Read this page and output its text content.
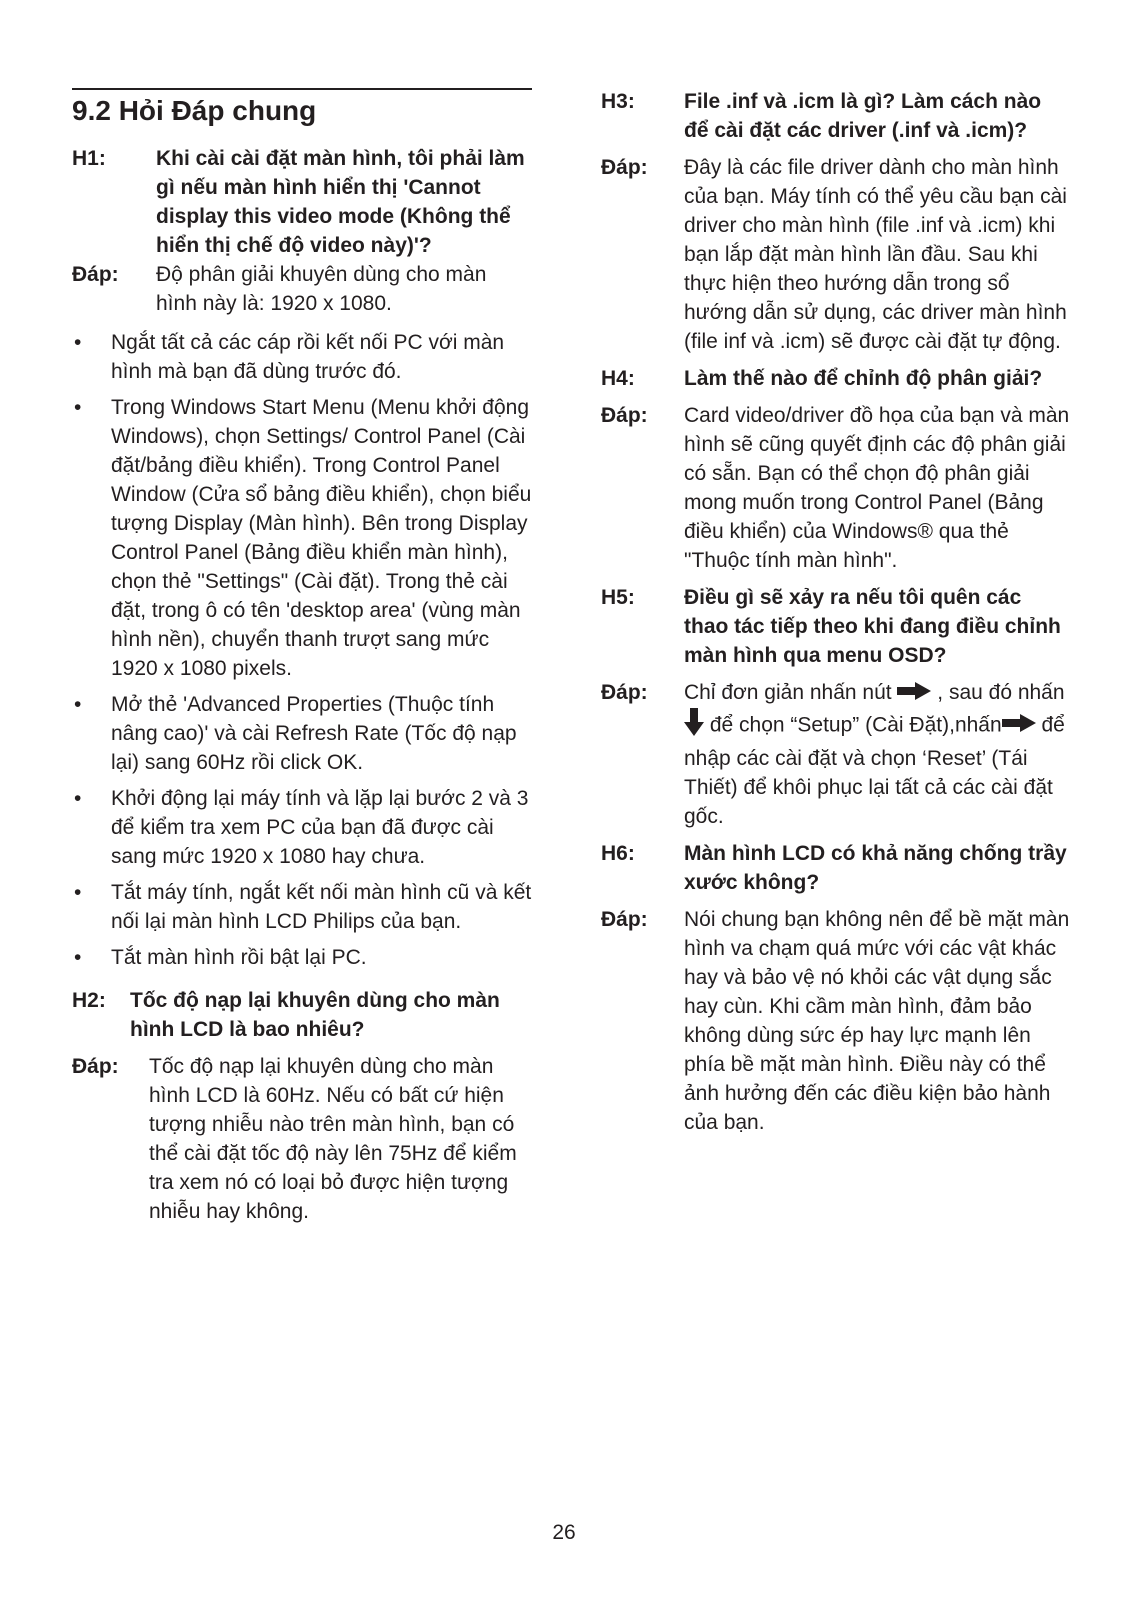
9.2 Hỏi Đáp chung
H1:	Khi cài cài đặt màn hình, tôi phải làm gì nếu màn hình hiển thị 'Cannot display this video mode (Không thể hiển thị chế độ video này)'?
Đáp:	Độ phân giải khuyên dùng cho màn hình này là: 1920 x 1080.
•	Ngắt tất cả các cáp rồi kết nối PC với màn hình mà bạn đã dùng trước đó.
•	Trong Windows Start Menu (Menu khởi động Windows), chọn Settings/ Control Panel (Cài đặt/bảng điều khiển). Trong Control Panel Window (Cửa sổ bảng điều khiển), chọn biểu tượng Display (Màn hình). Bên trong Display Control Panel (Bảng điều khiển màn hình), chọn thẻ "Settings" (Cài đặt). Trong thẻ cài đặt, trong ô có tên 'desktop area' (vùng màn hình nền), chuyển thanh trượt sang mức 1920 x 1080 pixels.
•	Mở thẻ 'Advanced Properties (Thuộc tính nâng cao)' và cài Refresh Rate (Tốc độ nạp lại) sang 60Hz rồi click OK.
•	Khởi động lại máy tính và lặp lại bước 2 và 3 để kiểm tra xem PC của bạn đã được cài sang mức 1920 x 1080 hay chưa.
•	Tắt máy tính, ngắt kết nối màn hình cũ và kết nối lại màn hình LCD Philips của bạn.
•	Tắt màn hình rồi bật lại PC.
H2:	Tốc độ nạp lại khuyên dùng cho màn hình LCD là bao nhiêu?
Đáp:	Tốc độ nạp lại khuyên dùng cho màn hình LCD là 60Hz. Nếu có bất cứ hiện tượng nhiễu nào trên màn hình, bạn có thể cài đặt tốc độ này lên 75Hz để kiểm tra xem nó có loại bỏ được hiện tượng nhiễu hay không.
H3:	File .inf và .icm là gì? Làm cách nào để cài đặt các driver (.inf và .icm)?
Đáp:	Đây là các file driver dành cho màn hình của bạn. Máy tính có thể yêu cầu bạn cài driver cho màn hình (file .inf và .icm) khi bạn lắp đặt màn hình lần đầu. Sau khi thực hiện theo hướng dẫn trong sổ hướng dẫn sử dụng, các driver màn hình (file inf và .icm) sẽ được cài đặt tự động.
H4:	Làm thế nào để chỉnh độ phân giải?
Đáp:	Card video/driver đồ họa của bạn và màn hình sẽ cũng quyết định các độ phân giải có sẵn. Bạn có thể chọn độ phân giải mong muốn trong Control Panel (Bảng điều khiển) của Windows® qua thẻ "Thuộc tính màn hình".
H5:	Điều gì sẽ xảy ra nếu tôi quên các thao tác tiếp theo khi đang điều chỉnh màn hình qua menu OSD?
Đáp:	Chỉ đơn giản nhấn nút  , sau đó nhấn  để chọn “Setup” (Cài Đặt),nhấn để nhập các cài đặt và chọn ‘Reset’ (Tái Thiết) để khôi phục lại tất cả các cài đặt gốc.
H6:	Màn hình LCD có khả năng chống trầy xước không?
Đáp:	Nói chung bạn không nên để bề mặt màn hình va chạm quá mức với các vật khác hay và bảo vệ nó khỏi các vật dụng sắc hay cùn. Khi cầm màn hình, đảm bảo không dùng sức ép hay lực mạnh lên phía bề mặt màn hình. Điều này có thể ảnh hưởng đến các điều kiện bảo hành của bạn.
26
